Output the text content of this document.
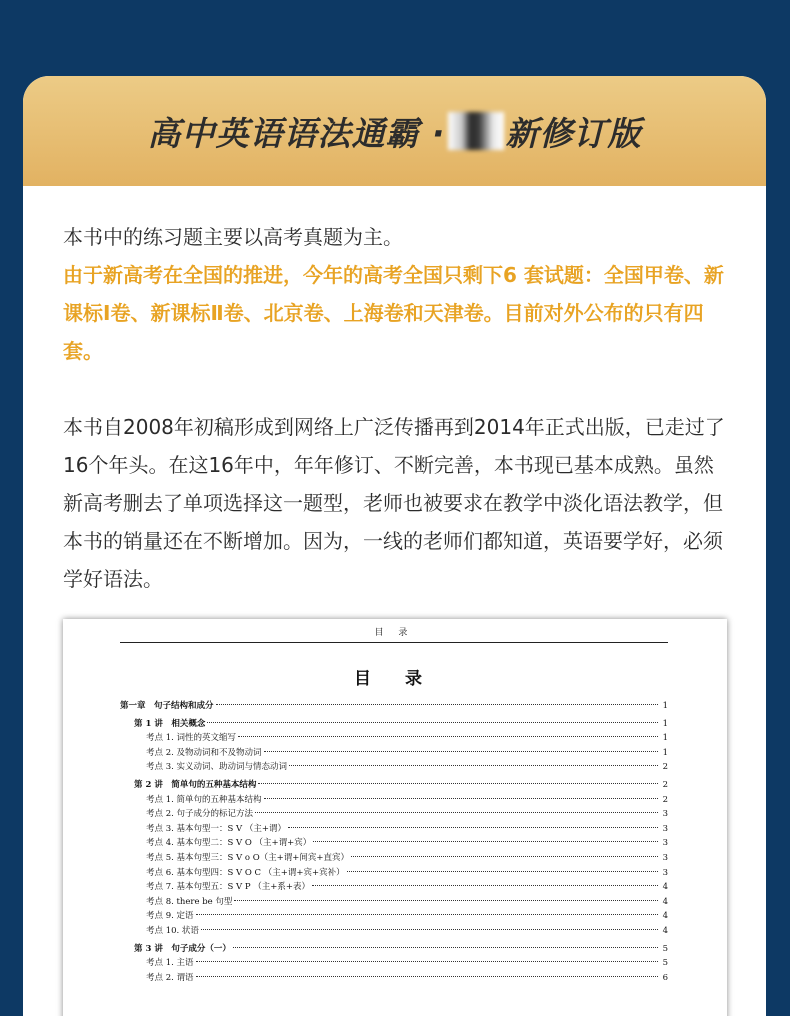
高中英语语法通霸 · 新修订版

本书中的练习题主要以高考真题为主。

由于新高考在全国的推进，今年的高考全国只剩下6 套试题：全国甲卷、新课标Ⅰ卷、新课标Ⅱ卷、北京卷、上海卷和天津卷。目前对外公布的只有四套。

本书自2008年初稿形成到网络上广泛传播再到2014年正式出版，已走过了16个年头。在这16年中，年年修订、不断完善，本书现已基本成熟。虽然新高考删去了单项选择这一题型，老师也被要求在教学中淡化语法教学，但本书的销量还在不断增加。因为，一线的老师们都知道，英语要学好，必须学好语法。

目 录
目 录
第一章　句子结构和成分	1
第 1 讲　相关概念	1
考点 1. 词性的英文缩写	1
考点 2. 及物动词和不及物动词	1
考点 3. 实义动词、助动词与情态动词	2
第 2 讲　简单句的五种基本结构	2
考点 1. 简单句的五种基本结构	2
考点 2. 句子成分的标记方法	3
考点 3. 基本句型一：S V （主+谓）	3
考点 4. 基本句型二：S V O （主+谓+宾）	3
考点 5. 基本句型三：S V o O（主+谓+间宾+直宾）	3
考点 6. 基本句型四：S V O C （主+谓+宾+宾补）	3
考点 7. 基本句型五：S V P （主+系+表）	4
考点 8. there be 句型	4
考点 9. 定语	4
考点 10. 状语	4
第 3 讲　句子成分（一）	5
考点 1. 主语	5
考点 2. 谓语	6
